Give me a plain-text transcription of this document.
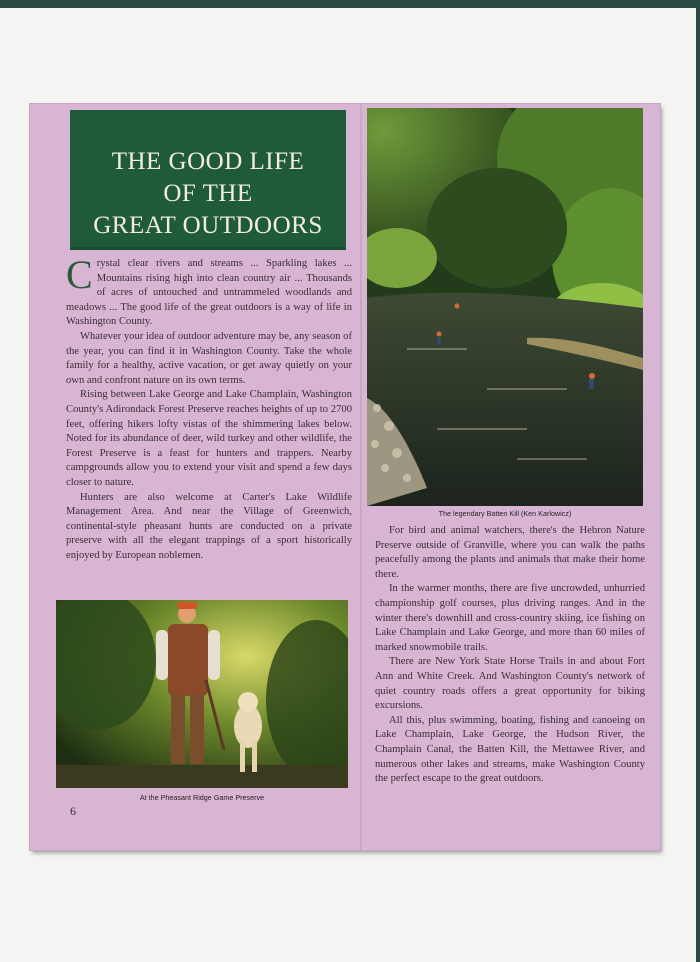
THE GOOD LIFE
OF THE
GREAT OUTDOORS

Crystal clear rivers and streams ... Sparkling lakes ... Mountains rising high into clean country air ... Thousands of acres of untouched and untrammeled woodlands and meadows ... The good life of the great outdoors is a way of life in Washington County.

Whatever your idea of outdoor adventure may be, any season of the year, you can find it in Washington County. Take the whole family for a healthy, active vacation, or get away quietly on your own and confront nature on its own terms.

Rising between Lake George and Lake Champlain, Washington County's Adirondack Forest Preserve reaches heights of up to 2700 feet, offering hikers lofty vistas of the shimmering lakes below. Noted for its abundance of deer, wild turkey and other wildlife, the Forest Preserve is a feast for hunters and trappers. Nearby campgrounds allow you to extend your visit and spend a few days closer to nature.

Hunters are also welcome at Carter's Lake Wildlife Management Area. And near the Village of Greenwich, continental-style pheasant hunts are conducted on a private preserve with all the elegant trappings of a sport historically enjoyed by European noblemen.

The legendary Batten Kill (Ken Karlowicz)

For bird and animal watchers, there's the Hebron Nature Preserve outside of Granville, where you can walk the paths peacefully among the plants and animals that make their home there.

In the warmer months, there are five uncrowded, unhurried championship golf courses, plus driving ranges. And in the winter there's downhill and cross-country skiing, ice fishing on Lake Champlain and Lake George, and more than 60 miles of marked snowmobile trails.

There are New York State Horse Trails in and about Fort Ann and White Creek. And Washington County's network of quiet country roads offers a great opportunity for biking excursions.

All this, plus swimming, boating, fishing and canoeing on Lake Champlain, Lake George, the Hudson River, the Champlain Canal, the Batten Kill, the Mettawee River, and numerous other lakes and streams, make Washington County the perfect escape to the great outdoors.

At the Pheasant Ridge Game Preserve
6
